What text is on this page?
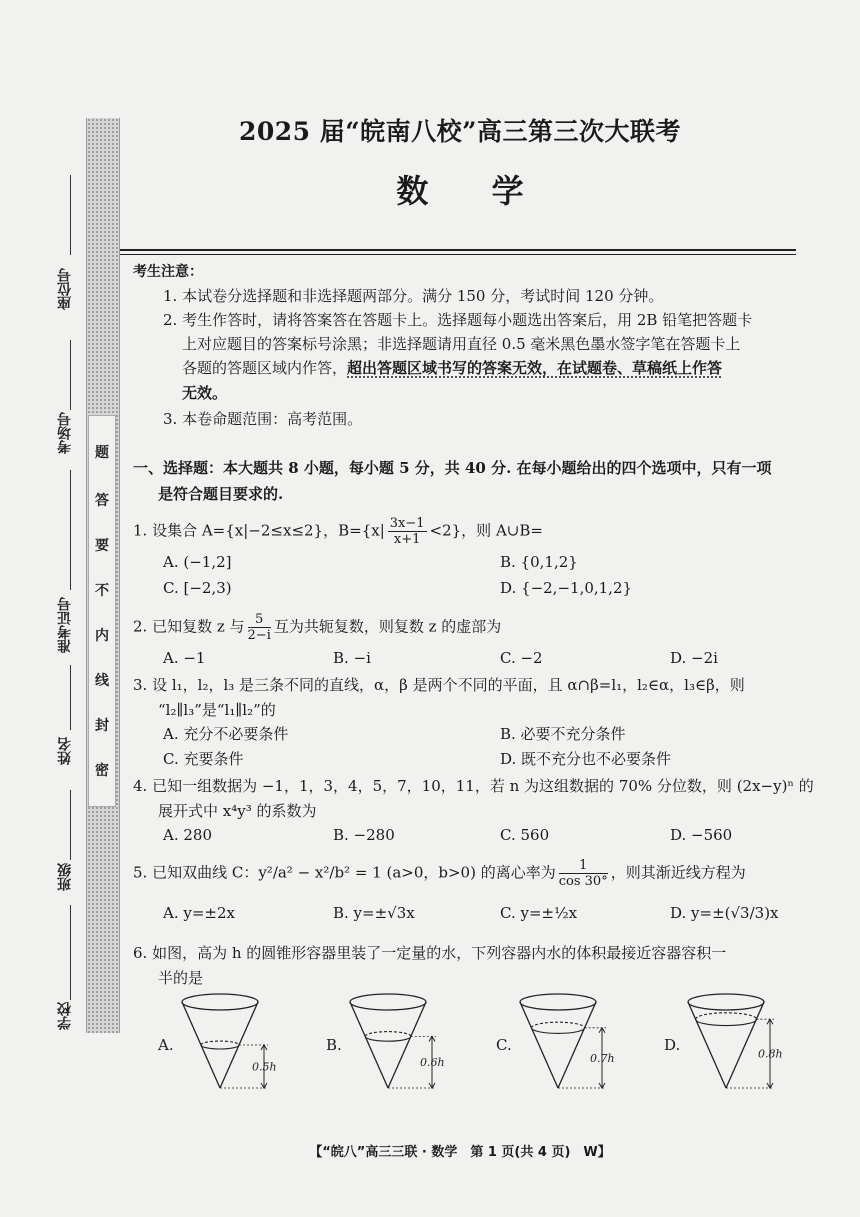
题
答
要
不
内
线
封
密
座位号
考场号
准考证号
姓名
班级
学校
2025 届“皖南八校”高三第三次大联考
数 学
考生注意：
1. 本试卷分选择题和非选择题两部分。满分 150 分，考试时间 120 分钟。
2. 考生作答时，请将答案答在答题卡上。选择题每小题选出答案后，用 2B 铅笔把答题卡
上对应题目的答案标号涂黑；非选择题请用直径 0.5 毫米黑色墨水签字笔在答题卡上
各题的答题区域内作答，超出答题区域书写的答案无效，在试题卷、草稿纸上作答
无效。
3. 本卷命题范围：高考范围。
一、选择题：本大题共 8 小题，每小题 5 分，共 40 分. 在每小题给出的四个选项中，只有一项
是符合题目要求的.
1. 设集合 A={x|−2≤x≤2}，$B=\{x| \frac{3x-1}{x+1} <2\}$，则 A∪B=
A. (−1,2]	B. {0,1,2}
C. [−2,3)	D. {−2,−1,0,1,2}
2. 已知复数 z 与 $\frac{5}{2-i}$ 互为共轭复数，则复数 z 的虚部为
A. −1	B. −i	C. −2	D. −2i
3. 设 l₁，l₂，l₃ 是三条不同的直线，α，β 是两个不同的平面，且 α∩β=l₁，l₂∈α，l₃∈β，则
“l₂∥l₃”是“l₁∥l₂”的
A. 充分不必要条件	B. 必要不充分条件
C. 充要条件	D. 既不充分也不必要条件
4. 已知一组数据为 −1，1，3，4，5，7，10，11，若 n 为这组数据的 70% 分位数，则 (2x−y)ⁿ 的
展开式中 x⁴y³ 的系数为
A. 280	B. −280	C. 560	D. −560
5. 已知双曲线 C：y²/a² − x²/b² = 1 (a>0，b>0) 的离心率为 $\frac{1}{\cos 30^\circ}$ ，则其渐近线方程为
A. y=±2x	B. y=±√3x	C. y=±½x	D. y=±(√3/3)x
6. 如图，高为 h 的圆锥形容器里装了一定量的水，下列容器内水的体积最接近容器容积一
半的是
A.
0.5h
B.
0.6h
C.
0.7h
D.
0.8h
【“皖八”高三三联 · 数学　第 1 页(共 4 页)　W】
